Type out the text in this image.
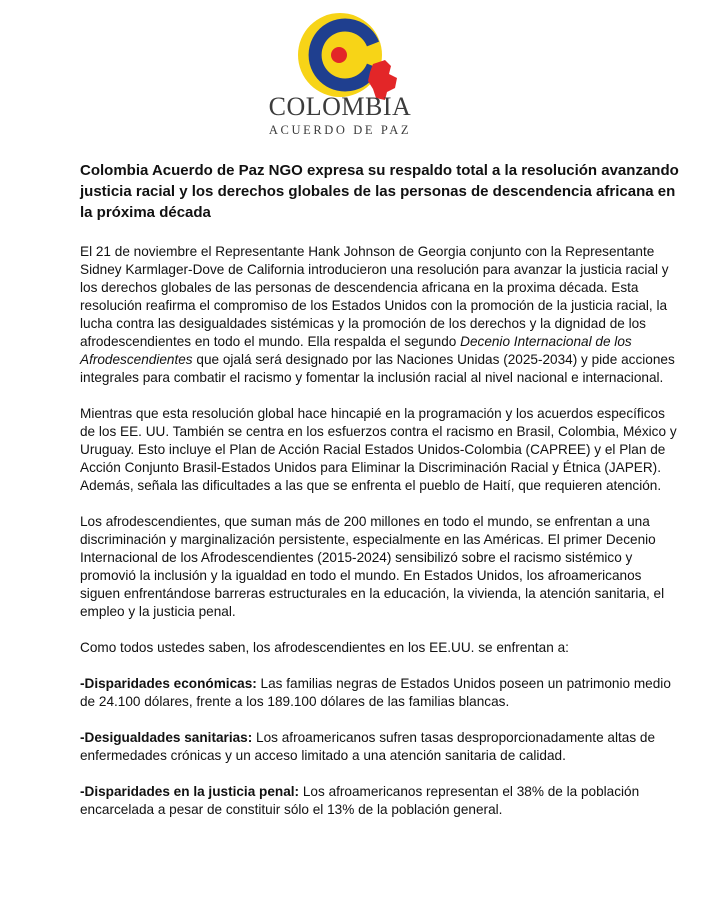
COLOMBIA
ACUERDO DE PAZ
Colombia Acuerdo de Paz NGO expresa su respaldo total a la resolución avanzando justicia racial y los derechos globales de las personas de descendencia africana en la próxima década

El 21 de noviembre el Representante Hank Johnson de Georgia conjunto con la Representante Sidney Karmlager-Dove de California introducieron una resolución para avanzar la justicia racial y los derechos globales de las personas de descendencia africana en la proxima década. Esta resolución reafirma el compromiso de los Estados Unidos con la promoción de la justicia racial, la lucha contra las desigualdades sistémicas y la promoción de los derechos y la dignidad de los afrodescendientes en todo el mundo. Ella respalda el segundo Decenio Internacional de los Afrodescendientes que ojalá será designado por las Naciones Unidas (2025-2034) y pide acciones integrales para combatir el racismo y fomentar la inclusión racial al nivel nacional e internacional.

Mientras que esta resolución global hace hincapié en la programación y los acuerdos específicos de los EE. UU. También se centra en los esfuerzos contra el racismo en Brasil, Colombia, México y Uruguay. Esto incluye el Plan de Acción Racial Estados Unidos-Colombia (CAPREE) y el Plan de Acción Conjunto Brasil-Estados Unidos para Eliminar la Discriminación Racial y Étnica (JAPER). Además, señala las dificultades a las que se enfrenta el pueblo de Haití, que requieren atención.

Los afrodescendientes, que suman más de 200 millones en todo el mundo, se enfrentan a una discriminación y marginalización persistente, especialmente en las Américas. El primer Decenio Internacional de los Afrodescendientes (2015-2024) sensibilizó sobre el racismo sistémico y promovió la inclusión y la igualdad en todo el mundo. En Estados Unidos, los afroamericanos siguen enfrentándose barreras estructurales en la educación, la vivienda, la atención sanitaria, el empleo y la justicia penal.

Como todos ustedes saben, los afrodescendientes en los EE.UU. se enfrentan a:

-Disparidades económicas: Las familias negras de Estados Unidos poseen un patrimonio medio de 24.100 dólares, frente a los 189.100 dólares de las familias blancas.

-Desigualdades sanitarias: Los afroamericanos sufren tasas desproporcionadamente altas de enfermedades crónicas y un acceso limitado a una atención sanitaria de calidad.

-Disparidades en la justicia penal: Los afroamericanos representan el 38% de la población encarcelada a pesar de constituir sólo el 13% de la población general.
